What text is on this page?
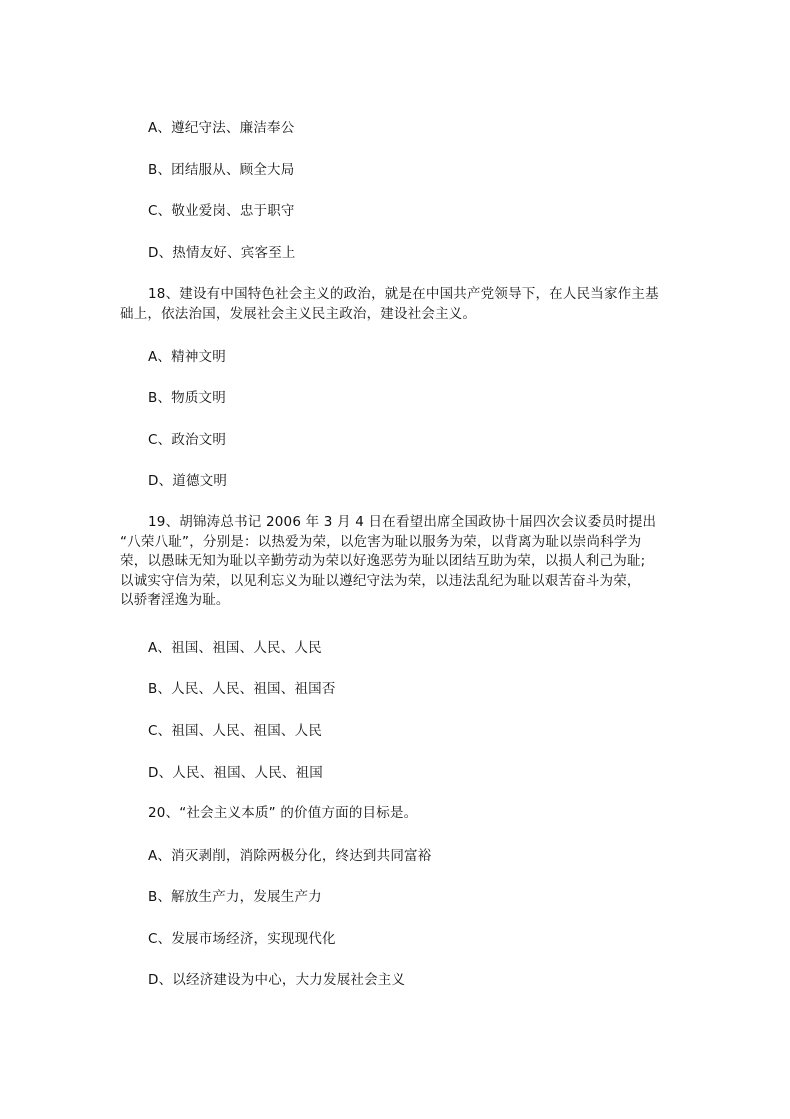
A、遵纪守法、廉洁奉公
B、团结服从、顾全大局
C、敬业爱岗、忠于职守
D、热情友好、宾客至上
18、建设有中国特色社会主义的政治，就是在中国共产党领导下，在人民当家作主基
础上，依法治国，发展社会主义民主政治，建设社会主义。
A、精神文明
B、物质文明
C、政治文明
D、道德文明
19、胡锦涛总书记 2006 年 3 月 4 日在看望出席全国政协十届四次会议委员时提出
“八荣八耻”，分别是：以热爱为荣，以危害为耻以服务为荣，以背离为耻以崇尚科学为
荣，以愚昧无知为耻以辛勤劳动为荣以好逸恶劳为耻以团结互助为荣，以损人利己为耻;
以诚实守信为荣，以见利忘义为耻以遵纪守法为荣，以违法乱纪为耻以艰苦奋斗为荣，
以骄奢淫逸为耻。
A、祖国、祖国、人民、人民
B、人民、人民、祖国、祖国否
C、祖国、人民、祖国、人民
D、人民、祖国、人民、祖国
20、“社会主义本质” 的价值方面的目标是。
A、消灭剥削，消除两极分化，终达到共同富裕
B、解放生产力，发展生产力
C、发展市场经济，实现现代化
D、以经济建设为中心，大力发展社会主义
